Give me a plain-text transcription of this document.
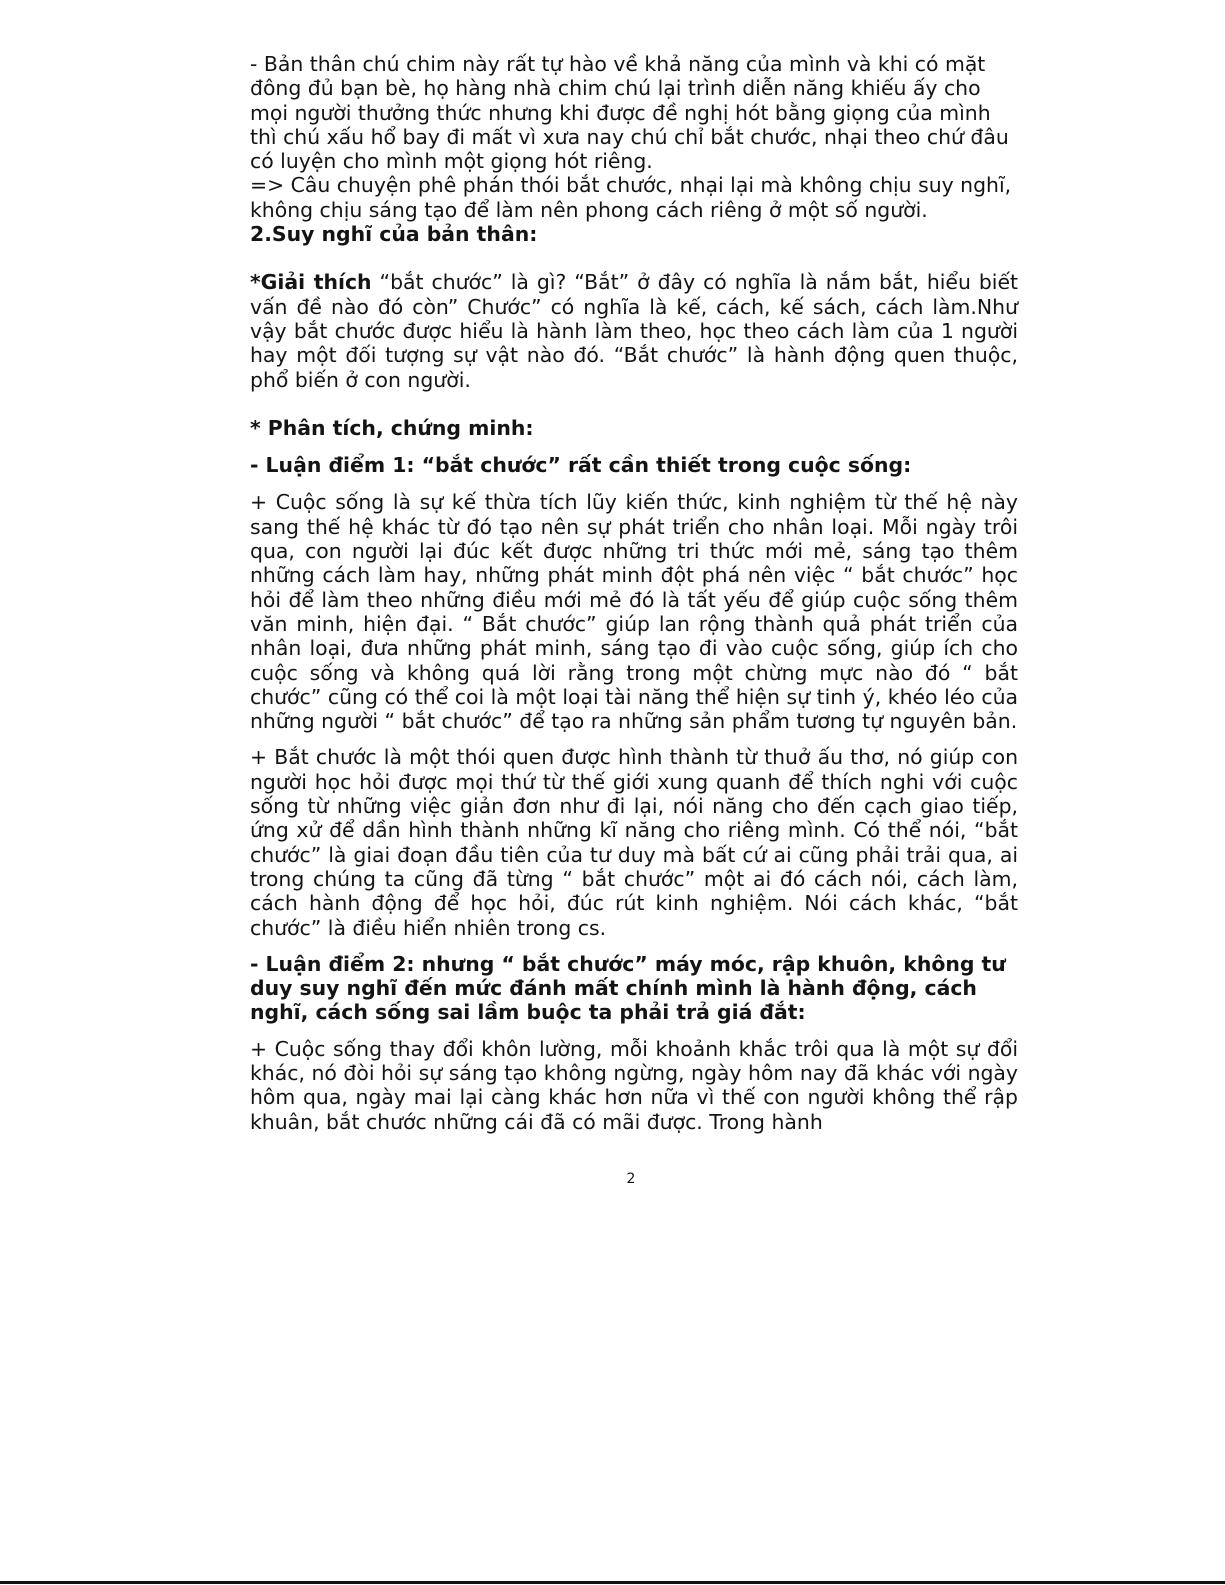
- Bản thân chú chim này rất tự hào về khả năng của mình và khi có mặt đông đủ bạn bè, họ hàng nhà chim chú lại trình diễn năng khiếu ấy cho mọi người thưởng thức nhưng khi được đề nghị hót bằng giọng của mình thì chú xấu hổ bay đi mất vì xưa nay chú chỉ bắt chước, nhại theo chứ đâu có luyện cho mình một giọng hót riêng.

=> Câu chuyện phê phán thói bắt chước, nhại lại mà không chịu suy nghĩ, không chịu sáng tạo để làm nên phong cách riêng ở một số người.

2.Suy nghĩ của bản thân:

*Giải thích “bắt chước” là gì? “Bắt” ở đây có nghĩa là nắm bắt, hiểu biết vấn đề nào đó còn” Chước” có nghĩa là kế, cách, kế sách, cách làm.Như vậy bắt chước được hiểu là hành làm theo, học theo cách làm của 1 người hay một đối tượng sự vật nào đó. “Bắt chước” là hành động quen thuộc, phổ biến ở con người.

* Phân tích, chứng minh:

- Luận điểm 1: “bắt chước” rất cần thiết trong cuộc sống:

+ Cuộc sống là sự kế thừa tích lũy kiến thức, kinh nghiệm từ thế hệ này sang thế hệ khác từ đó tạo nên sự phát triển cho nhân loại. Mỗi ngày trôi qua, con người lại đúc kết được những tri thức mới mẻ, sáng tạo thêm những cách làm hay, những phát minh đột phá nên việc “ bắt chước” học hỏi để làm theo những điều mới mẻ đó là tất yếu để giúp cuộc sống thêm văn minh, hiện đại. “ Bắt chước” giúp lan rộng thành quả phát triển của nhân loại, đưa những phát minh, sáng tạo đi vào cuộc sống, giúp ích cho cuộc sống và không quá lời rằng trong một chừng mực nào đó “ bắt chước” cũng có thể coi là một loại tài năng thể hiện sự tinh ý, khéo léo của những người “ bắt chước” để tạo ra những sản phẩm tương tự nguyên bản.

+ Bắt chước là một thói quen được hình thành từ thuở ấu thơ, nó giúp con người học hỏi được mọi thứ từ thế giới xung quanh để thích nghi với cuộc sống từ những việc giản đơn như đi lại, nói năng cho đến cạch giao tiếp, ứng xử để dần hình thành những kĩ năng cho riêng mình. Có thể nói, “bắt chước” là giai đoạn đầu tiên của tư duy mà bất cứ ai cũng phải trải qua, ai trong chúng ta cũng đã từng “ bắt chước” một ai đó cách nói, cách làm, cách hành động để học hỏi, đúc rút kinh nghiệm. Nói cách khác, “bắt chước” là điều hiển nhiên trong cs.

- Luận điểm 2: nhưng “ bắt chước” máy móc, rập khuôn, không tư duy suy nghĩ đến mức đánh mất chính mình là hành động, cách nghĩ, cách sống sai lầm buộc ta phải trả giá đắt:

+ Cuộc sống thay đổi khôn lường, mỗi khoảnh khắc trôi qua là một sự đổi khác, nó đòi hỏi sự sáng tạo không ngừng, ngày hôm nay đã khác với ngày hôm qua, ngày mai lại càng khác hơn nữa vì thế con người không thể rập khuân, bắt chước những cái đã có mãi được. Trong hành

2
